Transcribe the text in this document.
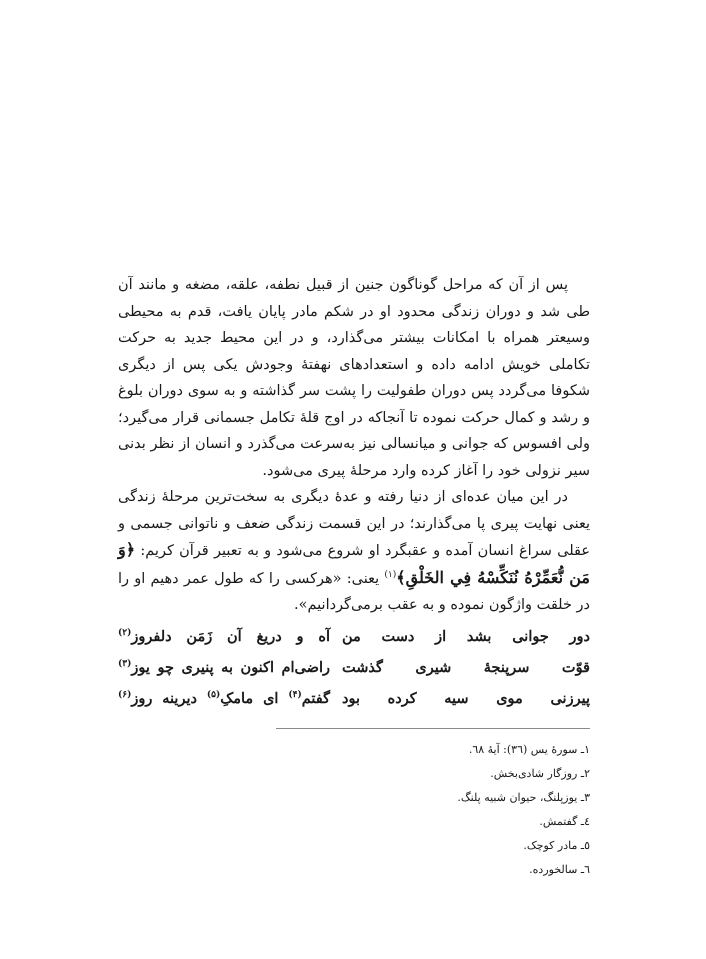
پس از آن که مراحل گوناگون جنین از قبیل نطفه، علقه، مضغه و مانند آن طی شد و دوران زندگی محدود او در شکم مادر پایان یافت، قدم به محیطی وسیعتر همراه با امکانات بیشتر می‌گذارد، و در این محیط جدید به حرکت تکاملی خویش ادامه داده و استعدادهای نهفتهٔ وجودش یکی پس از دیگری شکوفا می‌گردد پس دوران طفولیت را پشت سر گذاشته و به سوی دوران بلوغ و رشد و کمال حرکت نموده تا آنجاکه در اوج قلهٔ تکامل جسمانی قرار می‌گیرد؛ ولی افسوس که جوانی و میانسالی نیز به‌سرعت می‌گذرد و انسان از نظر بدنی سیر نزولی خود را آغاز کرده وارد مرحلهٔ پیری می‌شود.

در این میان عده‌ای از دنیا رفته و عدهٔ دیگری به سخت‌ترین مرحلهٔ زندگی یعنی نهایت پیری پا می‌گذارند؛ در این قسمت زندگی ضعف و ناتوانی جسمی و عقلی سراغ انسان آمده و عقبگرد او شروع می‌شود و به تعبیر قرآن کریم: ﴿وَ مَن نُّعَمِّرْهُ نُنَكِّسْهُ فِي الخَلْقِ﴾$^{(١)}$ یعنی: «هرکسی را که طول عمر دهیم او را در خلقت واژگون نموده و به عقب برمی‌گردانیم».

دور جوانی بشد از دست من
آه و دریغ آن زَمَن دلفروز$^{(٢)}$
قوّت سرپنجهٔ شیری گذشت
راضی‌ام اکنون به پنیری چو یوز$^{(٣)}$
پیرزنی موی سیه کرده بود
گفتم$^{(۴)}$ ای مامکِ$^{(۵)}$ دیرینه روز$^{(۶)}$
١ـ سورهٔ یس (٣٦): آیهٔ ٦٨.
٢ـ روزگار شادی‌بخش.
٣ـ یوزپلنگ، حیوان شبیه پلنگ.
٤ـ گفتمش.
٥ـ مادر کوچک.
٦ـ سالخورده.
